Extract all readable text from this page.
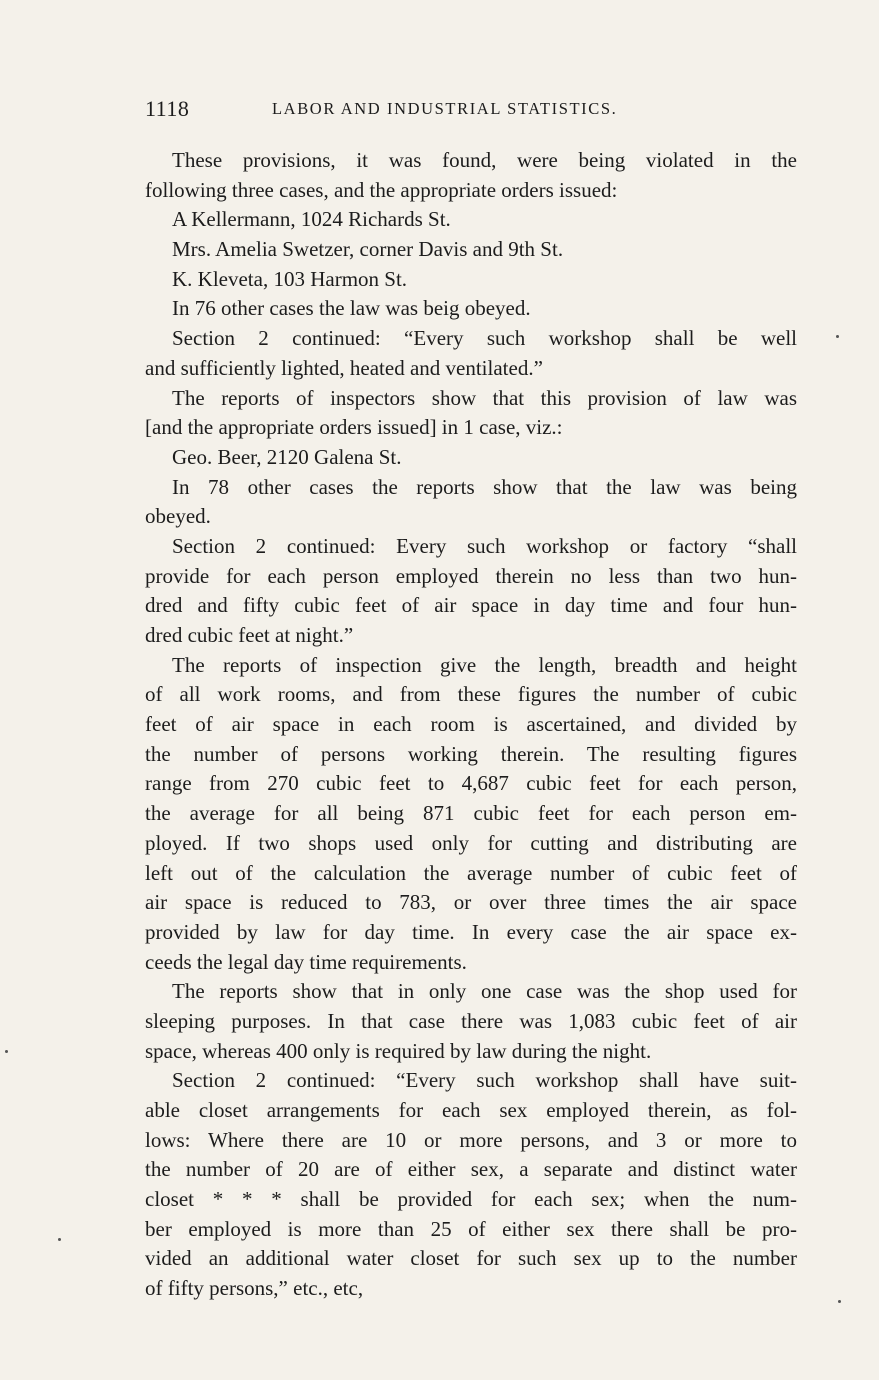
1118	LABOR AND INDUSTRIAL STATISTICS.
These provisions, it was found, were being violated in the
following three cases, and the appropriate orders issued:
A Kellermann, 1024 Richards St.
Mrs. Amelia Swetzer, corner Davis and 9th St.
K. Kleveta, 103 Harmon St.
In 76 other cases the law was beig obeyed.
Section 2 continued: “Every such workshop shall be well
and sufficiently lighted, heated and ventilated.”
The reports of inspectors show that this provision of law was
[and the appropriate orders issued] in 1 case, viz.:
Geo. Beer, 2120 Galena St.
In 78 other cases the reports show that the law was being
obeyed.
Section 2 continued: Every such workshop or factory “shall
provide for each person employed therein no less than two hun-
dred and fifty cubic feet of air space in day time and four hun-
dred cubic feet at night.”
The reports of inspection give the length, breadth and height
of all work rooms, and from these figures the number of cubic
feet of air space in each room is ascertained, and divided by
the number of persons working therein. The resulting figures
range from 270 cubic feet to 4,687 cubic feet for each person,
the average for all being 871 cubic feet for each person em-
ployed. If two shops used only for cutting and distributing are
left out of the calculation the average number of cubic feet of
air space is reduced to 783, or over three times the air space
provided by law for day time. In every case the air space ex-
ceeds the legal day time requirements.
The reports show that in only one case was the shop used for
sleeping purposes. In that case there was 1,083 cubic feet of air
space, whereas 400 only is required by law during the night.
Section 2 continued: “Every such workshop shall have suit-
able closet arrangements for each sex employed therein, as fol-
lows: Where there are 10 or more persons, and 3 or more to
the number of 20 are of either sex, a separate and distinct water
closet * * * shall be provided for each sex; when the num-
ber employed is more than 25 of either sex there shall be pro-
vided an additional water closet for such sex up to the number
of fifty persons,” etc., etc,
